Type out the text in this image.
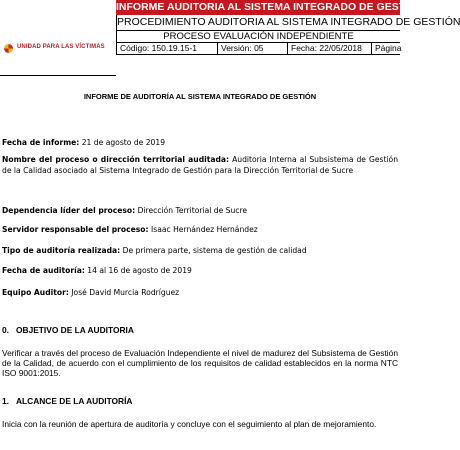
UNIDAD PARA LAS VÍCTIMAS
INFORME AUDITORIA AL SISTEMA INTEGRADO DE GESTIÓN
PROCEDIMIENTO AUDITORIA AL SISTEMA INTEGRADO DE GESTIÓN
PROCESO EVALUACIÓN INDEPENDIENTE
Código: 150.19.15-1	Versión: 05	Fecha: 22/05/2018	Página
INFORME DE AUDITORÍA AL SISTEMA INTEGRADO DE GESTIÓN
Fecha de informe: 21 de agosto de 2019
Nombre del proceso o dirección territorial auditada: Auditoria Interna al Subsistema de Gestión de la Calidad asociado al Sistema Integrado de Gestión para la Dirección Territorial de Sucre
Dependencia líder del proceso: Dirección Territorial de Sucre
Servidor responsable del proceso: Isaac Hernández Hernández
Tipo de auditoría realizada: De primera parte, sistema de gestión de calidad
Fecha de auditoría: 14 al 16 de agosto de 2019
Equipo Auditor: José David Murcia Rodríguez
0. OBJETIVO DE LA AUDITORIA
Verificar a través del proceso de Evaluación Independiente el nivel de madurez del Subsistema de Gestión de la Calidad, de acuerdo con el cumplimiento de los requisitos de calidad establecidos en la norma NTC ISO 9001:2015.
1. ALCANCE DE LA AUDITORÍA
Inicia con la reunión de apertura de auditoría y concluye con el seguimiento al plan de mejoramiento.
